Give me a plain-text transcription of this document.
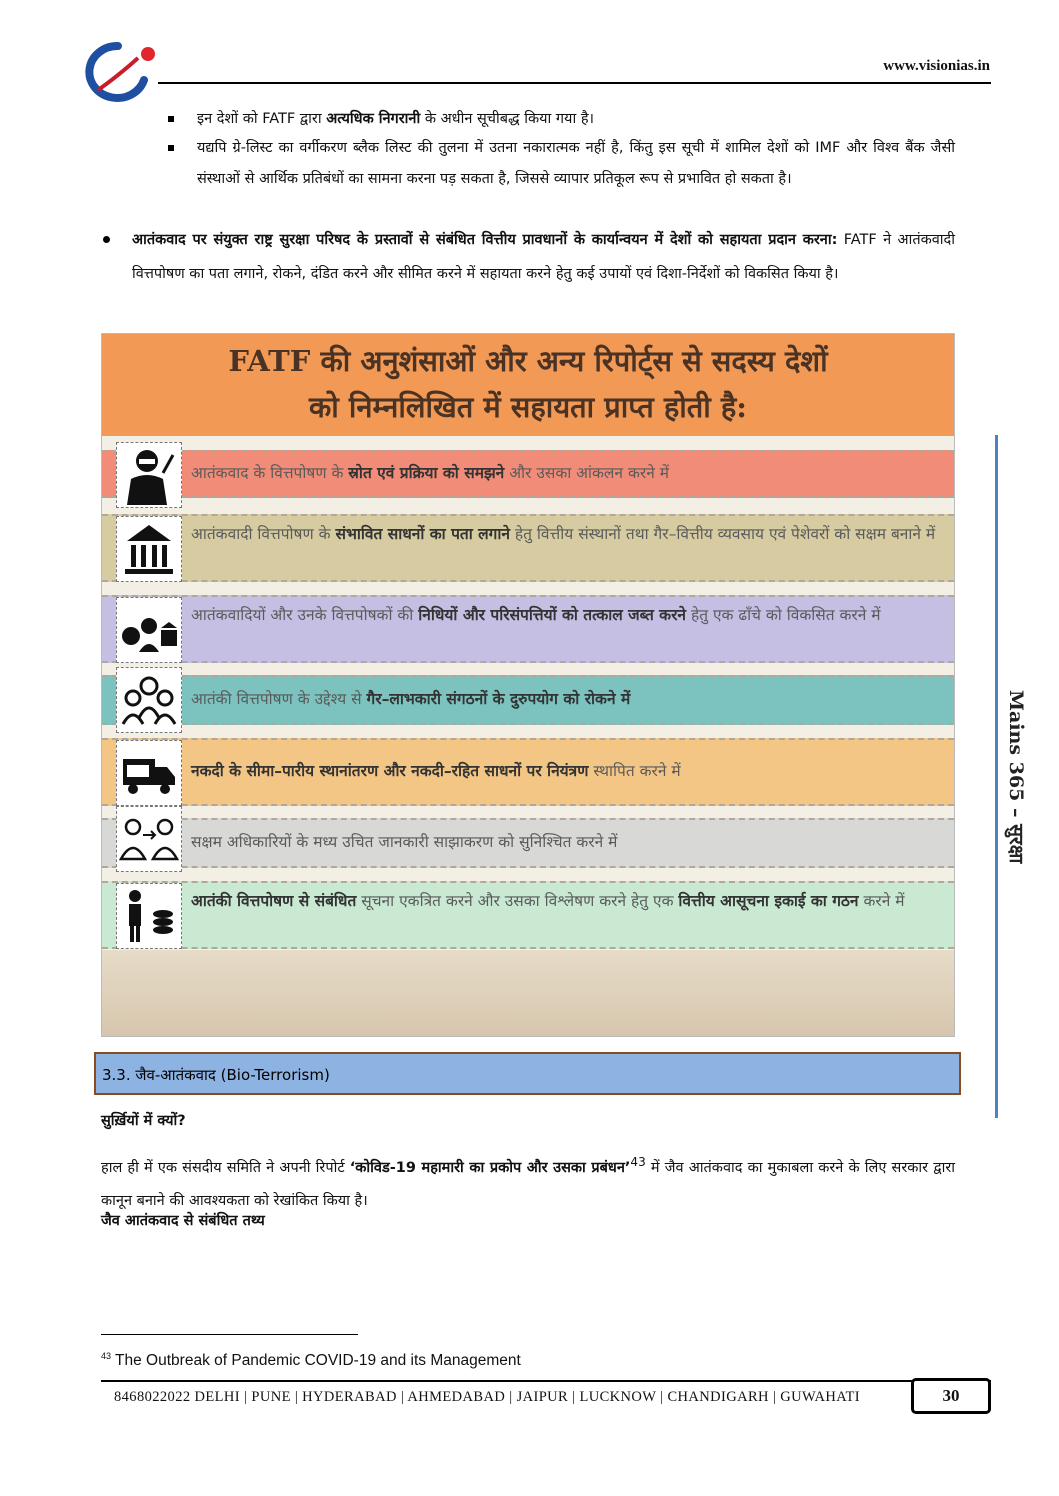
www.visionias.in
इन देशों को FATF द्वारा अत्यधिक निगरानी के अधीन सूचीबद्ध किया गया है।
यद्यपि ग्रे-लिस्ट का वर्गीकरण ब्लैक लिस्ट की तुलना में उतना नकारात्मक नहीं है, किंतु इस सूची में शामिल देशों को IMF और विश्व बैंक जैसी संस्थाओं से आर्थिक प्रतिबंधों का सामना करना पड़ सकता है, जिससे व्यापार प्रतिकूल रूप से प्रभावित हो सकता है।
आतंकवाद पर संयुक्त राष्ट्र सुरक्षा परिषद के प्रस्तावों से संबंधित वित्तीय प्रावधानों के कार्यान्वयन में देशों को सहायता प्रदान करना: FATF ने आतंकवादी वित्तपोषण का पता लगाने, रोकने, दंडित करने और सीमित करने में सहायता करने हेतु कई उपायों एवं दिशा-निर्देशों को विकसित किया है।
FATF की अनुशंसाओं और अन्य रिपोर्ट्स से सदस्य देशों
को निम्नलिखित में सहायता प्राप्त होती है:
आतंकवाद के वित्तपोषण के स्रोत एवं प्रक्रिया को समझने और उसका आंकलन करने में
आतंकवादी वित्तपोषण के संभावित साधनों का पता लगाने हेतु वित्तीय संस्थानों तथा गैर–वित्तीय व्यवसाय एवं पेशेवरों को सक्षम बनाने में
आतंकवादियों और उनके वित्तपोषकों की निधियों और परिसंपत्तियों को तत्काल जब्त करने हेतु एक ढाँचे को विकसित करने में
आतंकी वित्तपोषण के उद्देश्य से गैर–लाभकारी संगठनों के दुरुपयोग को रोकने में
नकदी के सीमा–पारीय स्थानांतरण और नकदी–रहित साधनों पर नियंत्रण स्थापित करने में
सक्षम अधिकारियों के मध्य उचित जानकारी साझाकरण को सुनिश्चित करने में
आतंकी वित्तपोषण से संबंधित सूचना एकत्रित करने और उसका विश्लेषण करने हेतु एक वित्तीय आसूचना इकाई का गठन करने में
Mains 365 – सुरक्षा
3.3. जैव-आतंकवाद (Bio-Terrorism)
सुर्ख़ियों में क्यों?
हाल ही में एक संसदीय समिति ने अपनी रिपोर्ट ‘कोविड-19 महामारी का प्रकोप और उसका प्रबंधन’$^{43}$ में जैव आतंकवाद का मुकाबला करने के लिए सरकार द्वारा कानून बनाने की आवश्यकता को रेखांकित किया है।
जैव आतंकवाद से संबंधित तथ्य
$^{43}$ The Outbreak of Pandemic COVID-19 and its Management
8468022022 DELHI | PUNE | HYDERABAD | AHMEDABAD | JAIPUR | LUCKNOW | CHANDIGARH | GUWAHATI	30
